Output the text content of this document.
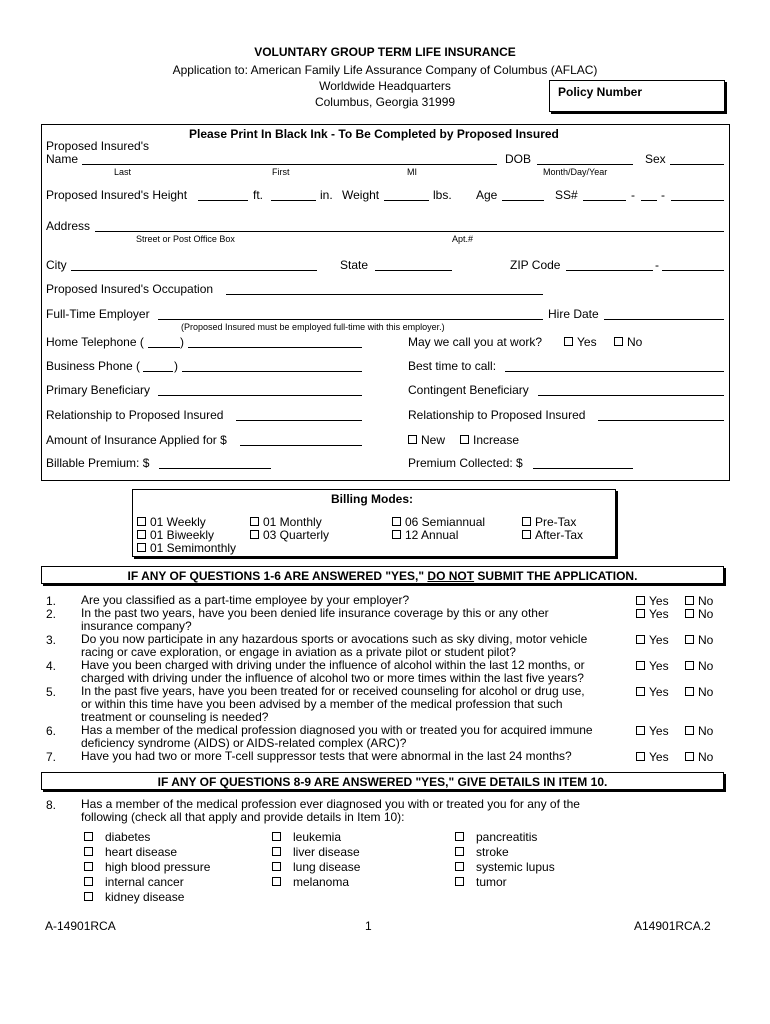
VOLUNTARY GROUP TERM LIFE INSURANCE
Application to: American Family Life Assurance Company of Columbus (AFLAC)
Worldwide Headquarters
Columbus, Georgia 31999
Policy Number
Please Print In Black Ink - To Be Completed by Proposed Insured
Proposed Insured's
Name	DOB	Sex
Last	First	MI	Month/Day/Year
Proposed Insured's Height	ft.	in. Weight	lbs. Age	SS#	- -
Address
Street or Post Office Box	Apt.#
City	State	ZIP Code	-
Proposed Insured's Occupation
Full-Time Employer	Hire Date
(Proposed Insured must be employed full-time with this employer.)
Home Telephone (	)	May we call you at work?	Yes	No
Business Phone (	)	Best time to call:
Primary Beneficiary	Contingent Beneficiary
Relationship to Proposed Insured	Relationship to Proposed Insured
Amount of Insurance Applied for $	New	Increase
Billable Premium: $	Premium Collected: $
Billing Modes:
01 Weekly	01 Monthly	06 Semiannual	Pre-Tax
01 Biweekly	03 Quarterly	12 Annual	After-Tax
01 Semimonthly
IF ANY OF QUESTIONS 1-6 ARE ANSWERED "YES," DO NOT SUBMIT THE APPLICATION.
1. Are you classified as a part-time employee by your employer?	Yes	No
2. In the past two years, have you been denied life insurance coverage by this or any other
insurance company?
Yes	No
3. Do you now participate in any hazardous sports or avocations such as sky diving, motor vehicle
racing or cave exploration, or engage in aviation as a private pilot or student pilot?
Yes	No
4. Have you been charged with driving under the influence of alcohol within the last 12 months, or
charged with driving under the influence of alcohol two or more times within the last five years?
Yes	No
5. In the past five years, have you been treated for or received counseling for alcohol or drug use,
or within this time have you been advised by a member of the medical profession that such
treatment or counseling is needed?
Yes	No
6. Has a member of the medical profession diagnosed you with or treated you for acquired immune
deficiency syndrome (AIDS) or AIDS-related complex (ARC)?
Yes	No
7. Have you had two or more T-cell suppressor tests that were abnormal in the last 24 months?	Yes	No
IF ANY OF QUESTIONS 8-9 ARE ANSWERED "YES," GIVE DETAILS IN ITEM 10.
8. Has a member of the medical profession ever diagnosed you with or treated you for any of the
following (check all that apply and provide details in Item 10):
diabetes
heart disease
high blood pressure
internal cancer
kidney disease
leukemia
liver disease
lung disease
melanoma
pancreatitis
stroke
systemic lupus
tumor
A-14901RCA	1	A14901RCA.2
